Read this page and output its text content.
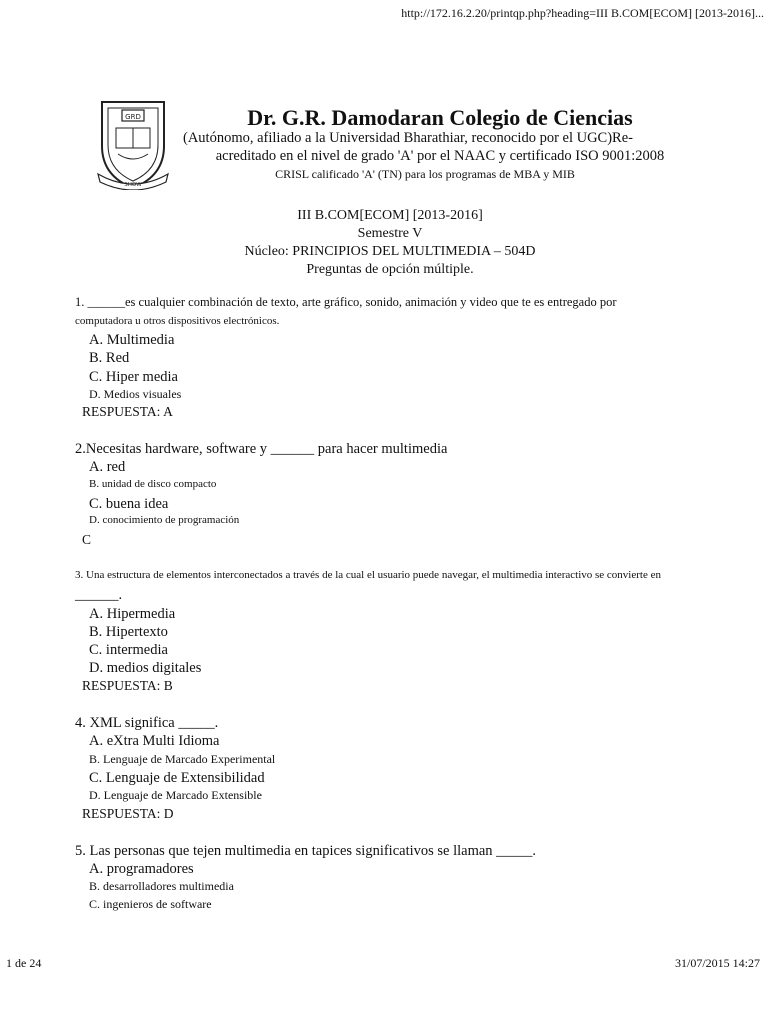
http://172.16.2.20/printqp.php?heading=III B.COM[ECOM] [2013-2016]...
GRD
SHOW
Dr. G.R. Damodaran Colegio de Ciencias
(Autónomo, afiliado a la Universidad Bharathiar, reconocido por el UGC)Re-
acreditado en el nivel de grado 'A' por el NAAC y certificado ISO 9001:2008
CRISL calificado 'A' (TN) para los programas de MBA y MIB
III B.COM[ECOM] [2013-2016]
Semestre V
Núcleo: PRINCIPIOS DEL MULTIMEDIA – 504D
Preguntas de opción múltiple.
1. ______es cualquier combinación de texto, arte gráfico, sonido, animación y video que te es entregado por
computadora u otros dispositivos electrónicos.
A. Multimedia
B. Red
C. Hiper media
D. Medios visuales
RESPUESTA: A
2.Necesitas hardware, software y ______ para hacer multimedia
A. red
B. unidad de disco compacto
C. buena idea
D. conocimiento de programación
C
3. Una estructura de elementos interconectados a través de la cual el usuario puede navegar, el multimedia interactivo se convierte en
______.
A. Hipermedia
B. Hipertexto
C. intermedia
D. medios digitales
RESPUESTA: B
4. XML significa _____.
A. eXtra Multi Idioma
B. Lenguaje de Marcado Experimental
C. Lenguaje de Extensibilidad
D. Lenguaje de Marcado Extensible
RESPUESTA: D
5. Las personas que tejen multimedia en tapices significativos se llaman _____.
A. programadores
B. desarrolladores multimedia
C. ingenieros de software
1 de 24	31/07/2015 14:27
